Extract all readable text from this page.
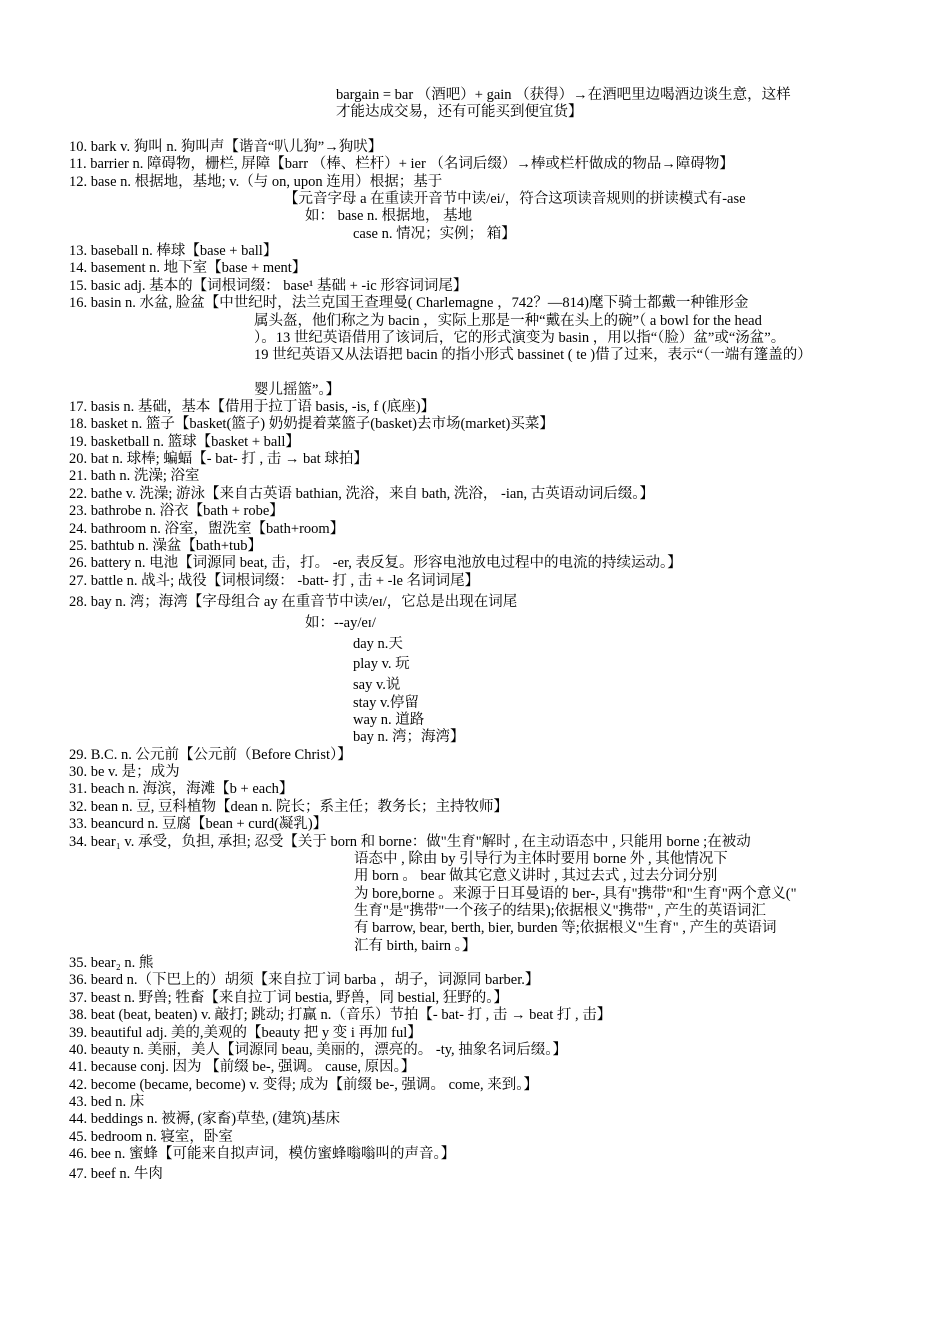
bargain = bar （酒吧）+ gain （获得）→在酒吧里边喝酒边谈生意，这样
才能达成交易，还有可能买到便宜货】
10. bark v. 狗叫 n. 狗叫声【谐音“叭儿狗”→狗吠】
11. barrier n. 障碍物，栅栏, 屏障【barr （棒、栏杆）+ ier （名词后缀）→棒或栏杆做成的物品→障碍物】
12. base n. 根据地，基地; v.（与 on, upon 连用）根据；基于
【元音字母 a 在重读开音节中读/ei/，符合这项读音规则的拼读模式有-ase
如： base n. 根据地， 基地
case n. 情况；实例； 箱】
13. baseball n. 棒球【base + ball】
14. basement n. 地下室【base + ment】
15. basic adj. 基本的【词根词缀： base¹ 基础 + -ic 形容词词尾】
16. basin n. 水盆, 脸盆【中世纪时，法兰克国王查理曼( Charlemagne ，742？—814)麾下骑士都戴一种锥形金
属头盔，他们称之为 bacin ，实际上那是一种“戴在头上的碗”（ a bowl for the head
）。13 世纪英语借用了该词后，它的形式演变为 basin ，用以指“（脸）盆”或“汤盆”。
19 世纪英语又从法语把 bacin 的指小形式 bassinet ( te )借了过来，表示“（一端有篷盖的）
婴儿摇篮”。】
17. basis n. 基础，基本【借用于拉丁语 basis, -is, f (底座)】
18. basket n. 篮子【basket(篮子) 奶奶提着菜篮子(basket)去市场(market)买菜】
19. basketball n. 篮球【basket + ball】
20. bat n. 球棒; 蝙蝠【- bat- 打 , 击 → bat 球拍】
21. bath n. 洗澡; 浴室
22. bathe v. 洗澡; 游泳【来自古英语 bathian, 洗浴，来自 bath, 洗浴， -ian, 古英语动词后缀。】
23. bathrobe n. 浴衣【bath + robe】
24. bathroom n. 浴室，盥洗室【bath+room】
25. bathtub n. 澡盆【bath+tub】
26. battery n. 电池【词源同 beat, 击，打。 -er, 表反复。形容电池放电过程中的电流的持续运动。】
27. battle n. 战斗; 战役【词根词缀： -batt- 打 , 击 + -le 名词词尾】
28. bay n. 湾；海湾【字母组合 ay 在重音节中读/eɪ/，它总是出现在词尾
如：--ay/eɪ/
day n.天
play v. 玩
say v.说
stay v.停留
way n. 道路
bay n. 湾；海湾】
29. B.C. n. 公元前【公元前（Before Christ）】
30. be v. 是；成为
31. beach n. 海滨，海滩【b + each】
32. bean n. 豆, 豆科植物【dean n. 院长；系主任；教务长；主持牧师】
33. beancurd n. 豆腐【bean + curd(凝乳)】
34. bear₁ v. 承受，负担, 承担; 忍受【关于 born 和 borne：做"生育"解时 , 在主动语态中 , 只能用 borne ;在被动
语态中 , 除由 by 引导行为主体时要用 borne 外 , 其他情况下
用 born 。 bear 做其它意义讲时 , 其过去式 , 过去分词分别
为 bore,borne 。来源于日耳曼语的 ber-, 具有"携带"和"生育"两个意义("
生育"是"携带"一个孩子的结果);依据根义"携带" , 产生的英语词汇
有 barrow, bear, berth, bier, burden 等;依据根义"生育" , 产生的英语词
汇有 birth, bairn 。】
35. bear₂ n. 熊
36. beard n.（下巴上的）胡须【来自拉丁词 barba ，胡子，词源同 barber.】
37. beast n. 野兽; 牲畜【来自拉丁词 bestia, 野兽，同 bestial, 狂野的。】
38. beat (beat, beaten) v. 敲打; 跳动; 打赢 n.（音乐）节拍【- bat- 打 , 击 → beat 打 , 击】
39. beautiful adj. 美的,美观的【beauty 把 y 变 i 再加 ful】
40. beauty n. 美丽，美人【词源同 beau, 美丽的，漂亮的。 -ty, 抽象名词后缀。】
41. because conj. 因为 【前缀 be-, 强调。 cause, 原因。】
42. become (became, become) v. 变得; 成为【前缀 be-, 强调。 come, 来到。】
43. bed n. 床
44. beddings n. 被褥, (家畜)草垫, (建筑)基床
45. bedroom n. 寝室，卧室
46. bee n. 蜜蜂【可能来自拟声词，模仿蜜蜂嗡嗡叫的声音。】
47. beef n. 牛肉
